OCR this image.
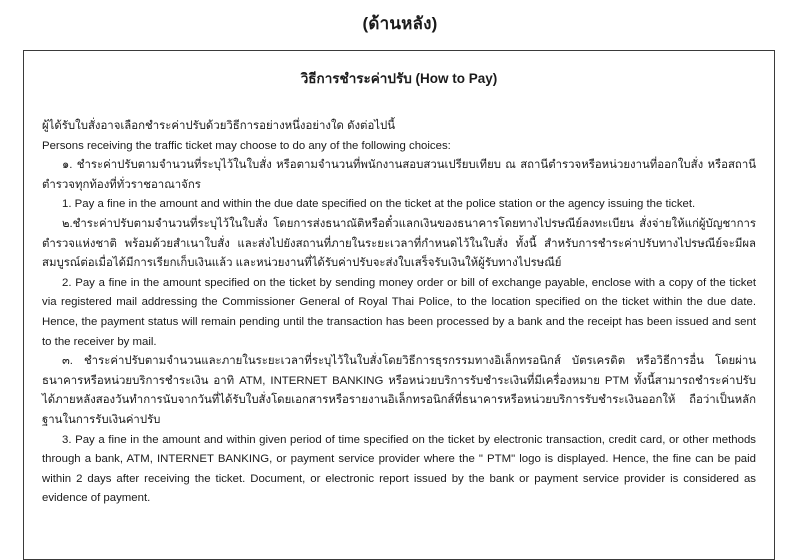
(ด้านหลัง)
วิธีการชำระค่าปรับ (How to Pay)

ผู้ได้รับใบสั่งอาจเลือกชำระค่าปรับด้วยวิธีการอย่างหนึ่งอย่างใด ดังต่อไปนี้

Persons receiving the traffic ticket may choose to do any of the following choices:

๑. ชำระค่าปรับตามจำนวนที่ระบุไว้ในใบสั่ง หรือตามจำนวนที่พนักงานสอบสวนเปรียบเทียบ ณ สถานีตำรวจหรือหน่วยงานที่ออกใบสั่ง หรือสถานีตำรวจทุกท้องที่ทั่วราชอาณาจักร

1. Pay a fine in the amount and within the due date specified on the ticket at the police station or the agency issuing the ticket.

๒.ชำระค่าปรับตามจำนวนที่ระบุไว้ในใบสั่ง โดยการส่งธนาณัติหรือตั๋วแลกเงินของธนาคารโดยทางไปรษณีย์ลงทะเบียน สั่งจ่ายให้แก่ผู้บัญชาการตำรวจแห่งชาติ พร้อมด้วยสำเนาใบสั่ง และส่งไปยังสถานที่ภายในระยะเวลาที่กำหนดไว้ในใบสั่ง ทั้งนี้ สำหรับการชำระค่าปรับทางไปรษณีย์จะมีผลสมบูรณ์ต่อเมื่อได้มีการเรียกเก็บเงินแล้ว และหน่วยงานที่ได้รับค่าปรับจะส่งใบเสร็จรับเงินให้ผู้รับทางไปรษณีย์

2. Pay a fine in the amount specified on the ticket by sending money order or bill of exchange payable, enclose with a copy of the ticket via registered mail addressing the Commissioner General of Royal Thai Police, to the location specified on the ticket within the due date. Hence, the payment status will remain pending until the transaction has been processed by a bank and the receipt has been issued and sent to the receiver by mail.

๓. ชำระค่าปรับตามจำนวนและภายในระยะเวลาที่ระบุไว้ในใบสั่งโดยวิธีการธุรกรรมทางอิเล็กทรอนิกส์ บัตรเครดิต หรือวิธีการอื่น โดยผ่าน ธนาคารหรือหน่วยบริการชำระเงิน อาทิ ATM, INTERNET BANKING หรือหน่วยบริการรับชำระเงินที่มีเครื่องหมาย PTM ทั้งนี้สามารถชำระค่าปรับได้ภายหลังสองวันทำการนับจากวันที่ได้รับใบสั่งโดยเอกสารหรือรายงานอิเล็กทรอนิกส์ที่ธนาคารหรือหน่วยบริการรับชำระเงินออกให้ ถือว่าเป็นหลักฐานในการรับเงินค่าปรับ

3. Pay a fine in the amount and within given period of time specified on the ticket by electronic transaction, credit card, or other methods through a bank, ATM, INTERNET BANKING, or payment service provider where the " PTM" logo is displayed. Hence, the fine can be paid within 2 days after receiving the ticket. Document, or electronic report issued by the bank or payment service provider is considered as evidence of payment.
